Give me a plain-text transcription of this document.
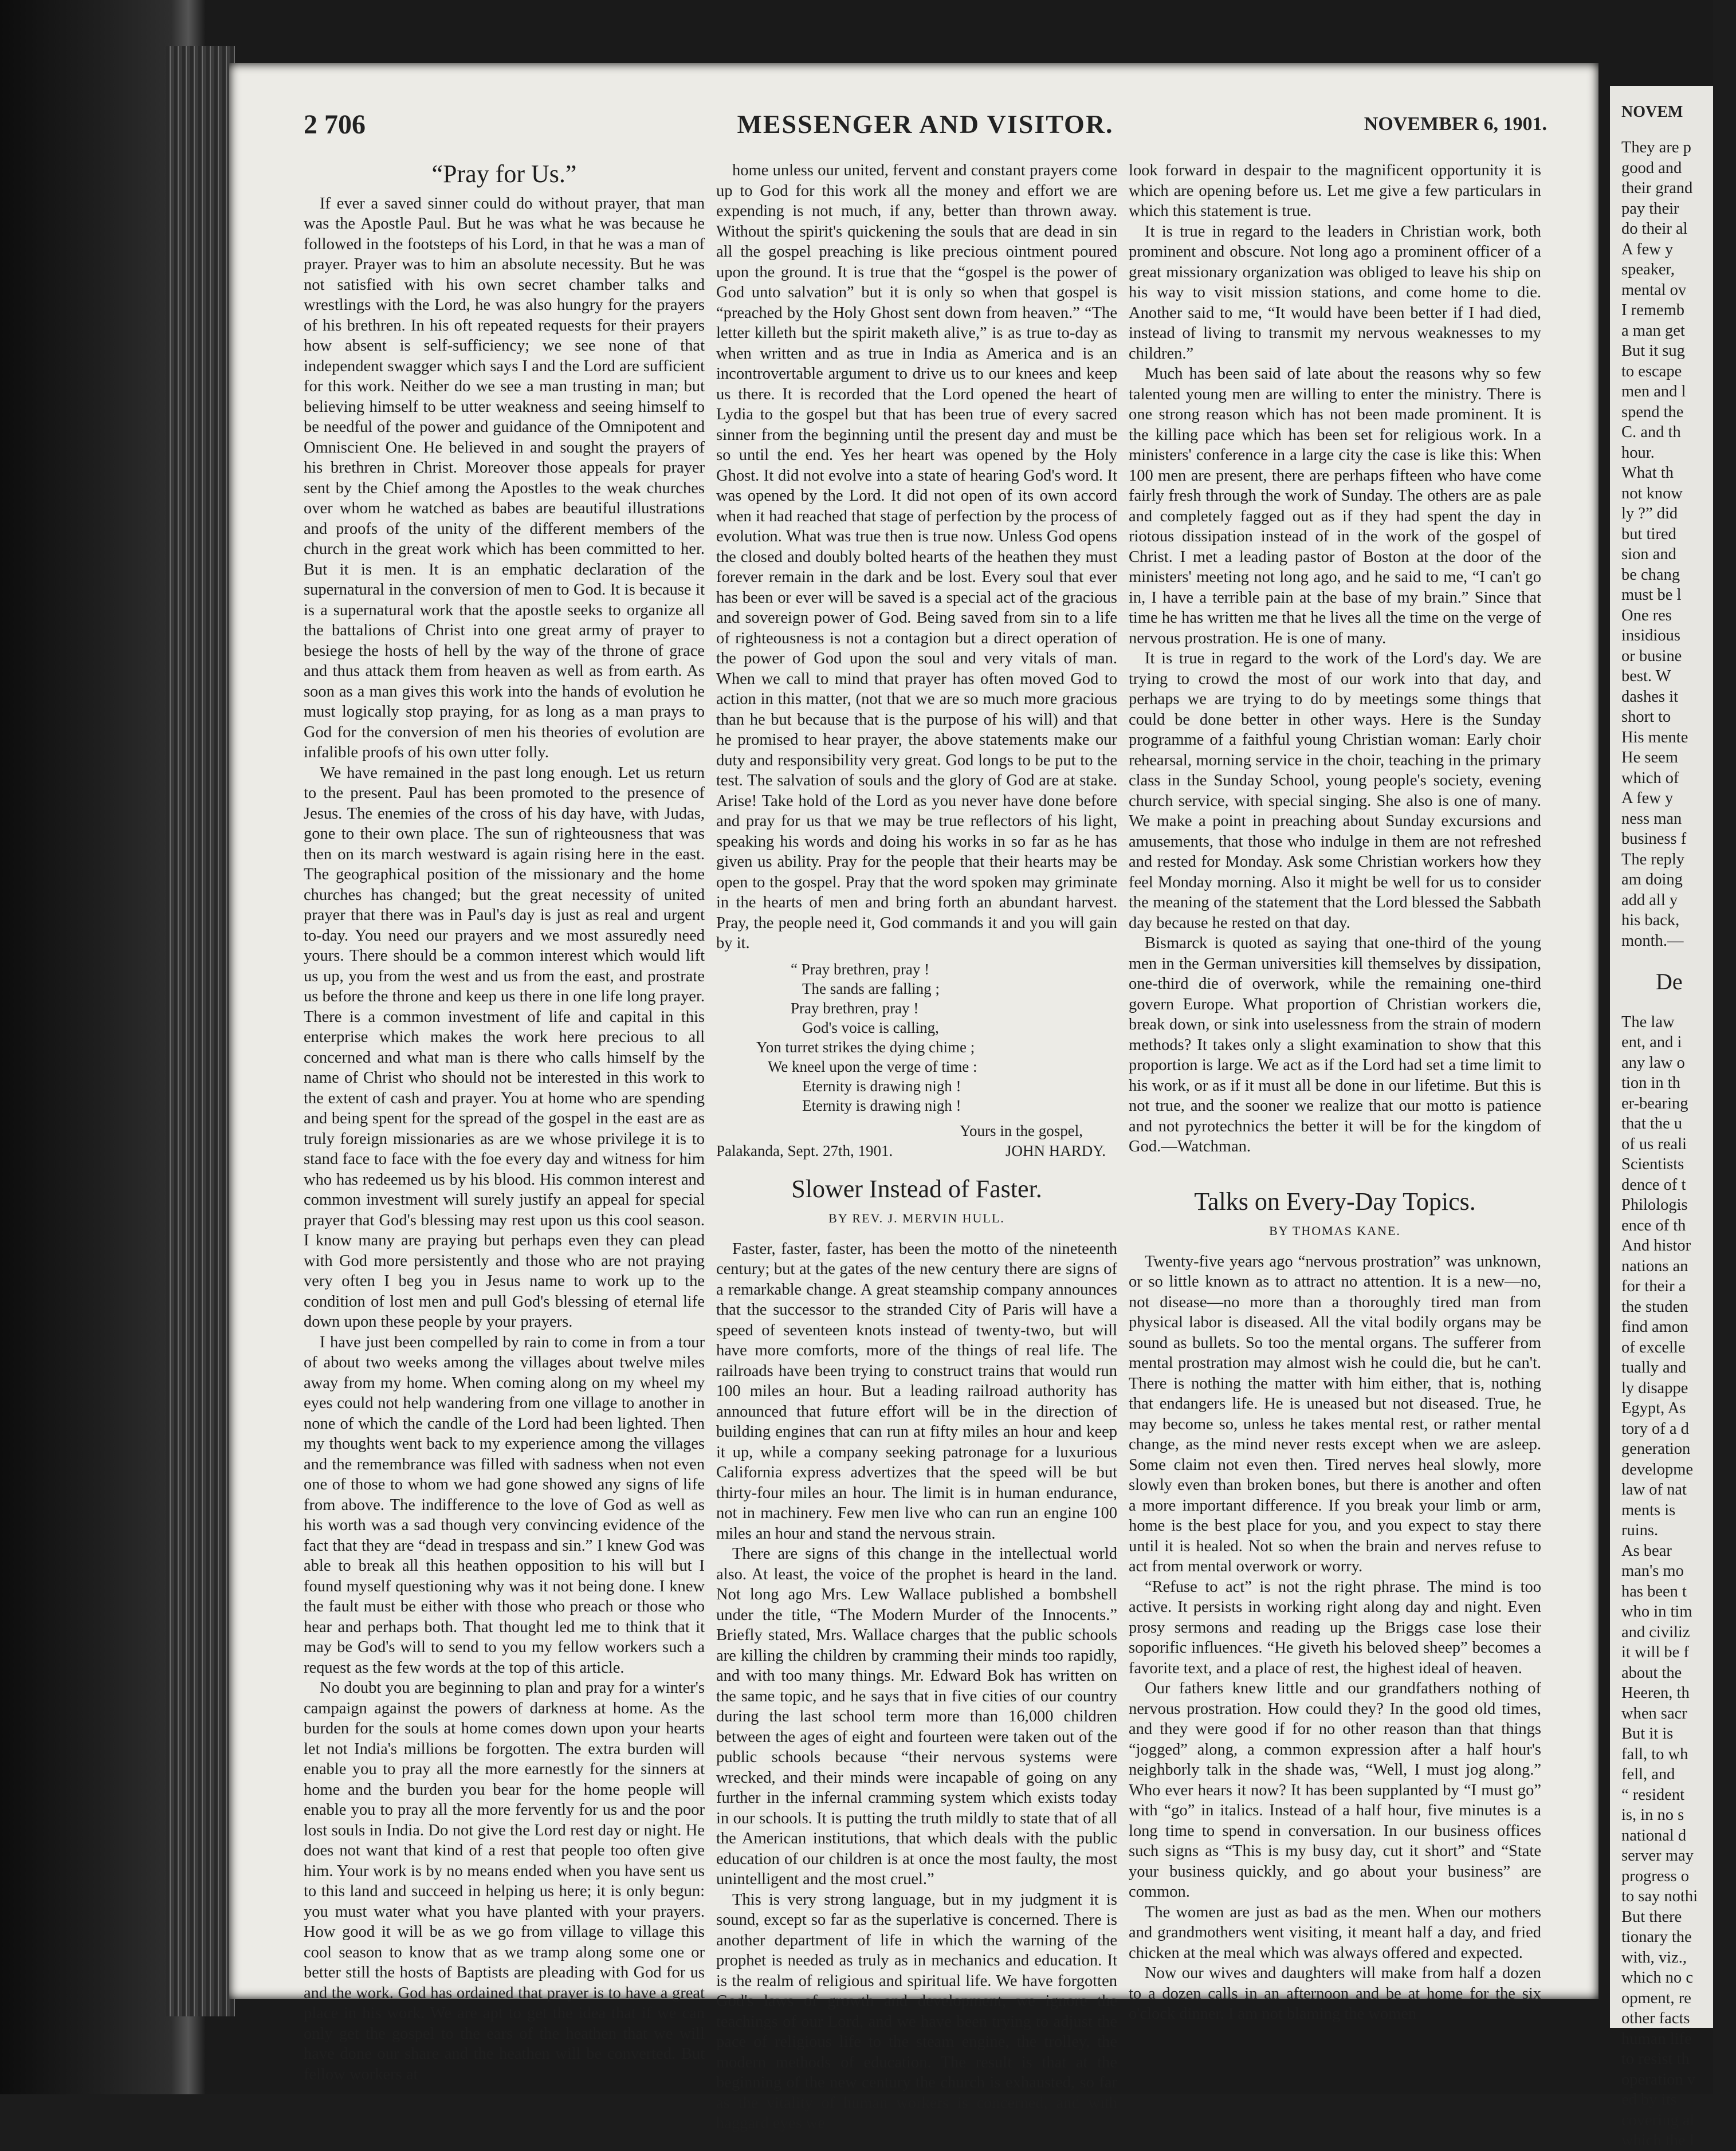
2 706	MESSENGER AND VISITOR.	NOVEMBER 6, 1901.
“Pray for Us.”

If ever a saved sinner could do without prayer, that man was the Apostle Paul. But he was what he was because he followed in the footsteps of his Lord, in that he was a man of prayer. Prayer was to him an absolute necessity. But he was not satisfied with his own secret chamber talks and wrestlings with the Lord, he was also hungry for the prayers of his brethren. In his oft repeated requests for their prayers how absent is self-sufficiency; we see none of that independent swagger which says I and the Lord are sufficient for this work. Neither do we see a man trusting in man; but believing himself to be utter weakness and seeing himself to be needful of the power and guidance of the Omnipotent and Omniscient One. He believed in and sought the prayers of his brethren in Christ. Moreover those appeals for prayer sent by the Chief among the Apostles to the weak churches over whom he watched as babes are beautiful illustrations and proofs of the unity of the different members of the church in the great work which has been committed to her. But it is men. It is an emphatic declaration of the supernatural in the conversion of men to God. It is because it is a supernatural work that the apostle seeks to organize all the battalions of Christ into one great army of prayer to besiege the hosts of hell by the way of the throne of grace and thus attack them from heaven as well as from earth. As soon as a man gives this work into the hands of evolution he must logically stop praying, for as long as a man prays to God for the conversion of men his theories of evolution are infalible proofs of his own utter folly.

We have remained in the past long enough. Let us return to the present. Paul has been promoted to the presence of Jesus. The enemies of the cross of his day have, with Judas, gone to their own place. The sun of righteousness that was then on its march westward is again rising here in the east. The geographical position of the missionary and the home churches has changed; but the great necessity of united prayer that there was in Paul's day is just as real and urgent to-day. You need our prayers and we most assuredly need yours. There should be a common interest which would lift us up, you from the west and us from the east, and prostrate us before the throne and keep us there in one life long prayer. There is a common investment of life and capital in this enterprise which makes the work here precious to all concerned and what man is there who calls himself by the name of Christ who should not be interested in this work to the extent of cash and prayer. You at home who are spending and being spent for the spread of the gospel in the east are as truly foreign missionaries as are we whose privilege it is to stand face to face with the foe every day and witness for him who has redeemed us by his blood. His common interest and common investment will surely justify an appeal for special prayer that God's blessing may rest upon us this cool season. I know many are praying but perhaps even they can plead with God more persistently and those who are not praying very often I beg you in Jesus name to work up to the condition of lost men and pull God's blessing of eternal life down upon these people by your prayers.

I have just been compelled by rain to come in from a tour of about two weeks among the villages about twelve miles away from my home. When coming along on my wheel my eyes could not help wandering from one village to another in none of which the candle of the Lord had been lighted. Then my thoughts went back to my experience among the villages and the remembrance was filled with sadness when not even one of those to whom we had gone showed any signs of life from above. The indifference to the love of God as well as his worth was a sad though very convincing evidence of the fact that they are “dead in trespass and sin.” I knew God was able to break all this heathen opposition to his will but I found myself questioning why was it not being done. I knew the fault must be either with those who preach or those who hear and perhaps both. That thought led me to think that it may be God's will to send to you my fellow workers such a request as the few words at the top of this article.

No doubt you are beginning to plan and pray for a winter's campaign against the powers of darkness at home. As the burden for the souls at home comes down upon your hearts let not India's millions be forgotten. The extra burden will enable you to pray all the more earnestly for the sinners at home and the burden you bear for the home people will enable you to pray all the more fervently for us and the poor lost souls in India. Do not give the Lord rest day or night. He does not want that kind of a rest that people too often give him. Your work is by no means ended when you have sent us to this land and succeed in helping us here; it is only begun: you must water what you have planted with your prayers. How good it will be as we go from village to village this cool season to know that as we tramp along some one or better still the hosts of Baptists are pleading with God for us and the work. God has ordained that prayer is to have a great place in his work. We are apt to get the idea that if we can only get the gospel to the ears of the heathen that we will have done our share and the heathen will be converted. But fellow workers at

home unless our united, fervent and constant prayers come up to God for this work all the money and effort we are expending is not much, if any, better than thrown away. Without the spirit's quickening the souls that are dead in sin all the gospel preaching is like precious ointment poured upon the ground. It is true that the “gospel is the power of God unto salvation” but it is only so when that gospel is “preached by the Holy Ghost sent down from heaven.” “The letter killeth but the spirit maketh alive,” is as true to-day as when written and as true in India as America and is an incontrovertable argument to drive us to our knees and keep us there. It is recorded that the Lord opened the heart of Lydia to the gospel but that has been true of every sacred sinner from the beginning until the present day and must be so until the end. Yes her heart was opened by the Holy Ghost. It did not evolve into a state of hearing God's word. It was opened by the Lord. It did not open of its own accord when it had reached that stage of perfection by the process of evolution. What was true then is true now. Unless God opens the closed and doubly bolted hearts of the heathen they must forever remain in the dark and be lost. Every soul that ever has been or ever will be saved is a special act of the gracious and sovereign power of God. Being saved from sin to a life of righteousness is not a contagion but a direct operation of the power of God upon the soul and very vitals of man. When we call to mind that prayer has often moved God to action in this matter, (not that we are so much more gracious than he but because that is the purpose of his will) and that he promised to hear prayer, the above statements make our duty and responsibility very great. God longs to be put to the test. The salvation of souls and the glory of God are at stake. Arise! Take hold of the Lord as you never have done before and pray for us that we may be true reflectors of his light, speaking his words and doing his works in so far as he has given us ability. Pray for the people that their hearts may be open to the gospel. Pray that the word spoken may griminate in the hearts of men and bring forth an abundant harvest. Pray, the people need it, God commands it and you will gain by it.

“ Pray brethren, pray !
The sands are falling ;
Pray brethren, pray !
God's voice is calling,
Yon turret strikes the dying chime ;
We kneel upon the verge of time :
Eternity is drawing nigh !
Eternity is drawing nigh !
Yours in the gospel,
Palakanda, Sept. 27th, 1901.	JOHN HARDY.
Slower Instead of Faster.
BY REV. J. MERVIN HULL.

Faster, faster, faster, has been the motto of the nineteenth century; but at the gates of the new century there are signs of a remarkable change. A great steamship company announces that the successor to the stranded City of Paris will have a speed of seventeen knots instead of twenty-two, but will have more comforts, more of the things of real life. The railroads have been trying to construct trains that would run 100 miles an hour. But a leading railroad authority has announced that future effort will be in the direction of building engines that can run at fifty miles an hour and keep it up, while a company seeking patronage for a luxurious California express advertizes that the speed will be but thirty-four miles an hour. The limit is in human endurance, not in machinery. Few men live who can run an engine 100 miles an hour and stand the nervous strain.

There are signs of this change in the intellectual world also. At least, the voice of the prophet is heard in the land. Not long ago Mrs. Lew Wallace published a bombshell under the title, “The Modern Murder of the Innocents.” Briefly stated, Mrs. Wallace charges that the public schools are killing the children by cramming their minds too rapidly, and with too many things. Mr. Edward Bok has written on the same topic, and he says that in five cities of our country during the last school term more than 16,000 children between the ages of eight and fourteen were taken out of the public schools because “their nervous systems were wrecked, and their minds were incapable of going on any further in the infernal cramming system which exists today in our schools. It is putting the truth mildly to state that of all the American institutions, that which deals with the public education of our children is at once the most faulty, the most unintelligent and the most cruel.”

This is very strong language, but in my judgment it is sound, except so far as the superlative is concerned. There is another department of life in which the warning of the prophet is needed as truly as in mechanics and education. It is the realm of religious and spiritual life. We have forgotten God's laws of growth and development, we ignore the teachings of our Lord, and we have been trying to adjust the pace of religious life to the steam engine, the trolley, the modern methods of education. The result is that at the beginning of the new century the church is exhausted, so far as the vitality of human workers is concerned, and with haggard eyes we

look forward in despair to the magnificent opportunity it is which are opening before us. Let me give a few particulars in which this statement is true.

It is true in regard to the leaders in Christian work, both prominent and obscure. Not long ago a prominent officer of a great missionary organization was obliged to leave his ship on his way to visit mission stations, and come home to die. Another said to me, “It would have been better if I had died, instead of living to transmit my nervous weaknesses to my children.”

Much has been said of late about the reasons why so few talented young men are willing to enter the ministry. There is one strong reason which has not been made prominent. It is the killing pace which has been set for religious work. In a ministers' conference in a large city the case is like this: When 100 men are present, there are perhaps fifteen who have come fairly fresh through the work of Sunday. The others are as pale and completely fagged out as if they had spent the day in riotous dissipation instead of in the work of the gospel of Christ. I met a leading pastor of Boston at the door of the ministers' meeting not long ago, and he said to me, “I can't go in, I have a terrible pain at the base of my brain.” Since that time he has written me that he lives all the time on the verge of nervous prostration. He is one of many.

It is true in regard to the work of the Lord's day. We are trying to crowd the most of our work into that day, and perhaps we are trying to do by meetings some things that could be done better in other ways. Here is the Sunday programme of a faithful young Christian woman: Early choir rehearsal, morning service in the choir, teaching in the primary class in the Sunday School, young people's society, evening church service, with special singing. She also is one of many. We make a point in preaching about Sunday excursions and amusements, that those who indulge in them are not refreshed and rested for Monday. Ask some Christian workers how they feel Monday morning. Also it might be well for us to consider the meaning of the statement that the Lord blessed the Sabbath day because he rested on that day.

Bismarck is quoted as saying that one-third of the young men in the German universities kill themselves by dissipation, one-third die of overwork, while the remaining one-third govern Europe. What proportion of Christian workers die, break down, or sink into uselessness from the strain of modern methods? It takes only a slight examination to show that this proportion is large. We act as if the Lord had set a time limit to his work, or as if it must all be done in our lifetime. But this is not true, and the sooner we realize that our motto is patience and not pyrotechnics the better it will be for the kingdom of God.—Watchman.

Talks on Every-Day Topics.
BY THOMAS KANE.

Twenty-five years ago “nervous prostration” was unknown, or so little known as to attract no attention. It is a new—no, not disease—no more than a thoroughly tired man from physical labor is diseased. All the vital bodily organs may be sound as bullets. So too the mental organs. The sufferer from mental prostration may almost wish he could die, but he can't. There is nothing the matter with him either, that is, nothing that endangers life. He is uneased but not diseased. True, he may become so, unless he takes mental rest, or rather mental change, as the mind never rests except when we are asleep. Some claim not even then. Tired nerves heal slowly, more slowly even than broken bones, but there is another and often a more important difference. If you break your limb or arm, home is the best place for you, and you expect to stay there until it is healed. Not so when the brain and nerves refuse to act from mental overwork or worry.

“Refuse to act” is not the right phrase. The mind is too active. It persists in working right along day and night. Even prosy sermons and reading up the Briggs case lose their soporific influences. “He giveth his beloved sheep” becomes a favorite text, and a place of rest, the highest ideal of heaven.

Our fathers knew little and our grandfathers nothing of nervous prostration. How could they? In the good old times, and they were good if for no other reason than that things “jogged” along, a common expression after a half hour's neighborly talk in the shade was, “Well, I must jog along.” Who ever hears it now? It has been supplanted by “I must go” with “go” in italics. Instead of a half hour, five minutes is a long time to spend in conversation. In our business offices such signs as “This is my busy day, cut it short” and “State your business quickly, and go about your business” are common.

The women are just as bad as the men. When our mothers and grandmothers went visiting, it meant half a day, and fried chicken at the meal which was always offered and expected.

Now our wives and daughters will make from half a dozen to a dozen calls in an afternoon and be at home for the six o'clock dinner. I am not blaming the women

NOVEM
They are p
good and
their grand
pay their
do their al
A few y
speaker,
mental ov
I rememb
a man get
But it sug
to escape
men and l
spend the
C. and th
hour.
What th
not know
ly ?” did
but tired
sion and
be chang
must be l
One res
insidious
or busine
best. W
dashes it
short to
His mente
He seem
which of
A few y
ness man
business f
The reply
am doing
add all y
his back,
month.—

De

The law
ent, and i
any law o
tion in th
er-bearing
that the u
of us reali
Scientists
dence of t
Philologis
ence of th
And histor
nations an
for their a
the studen
find amon
of excelle
tually and
ly disappe
Egypt, As
tory of a d
generation
developme
law of nat
ments is
ruins.
As bear
man's mo
has been t
who in tim
and civiliz
it will be f
about the
Heeren, th
when sacr
But it is
fall, to wh
fell, and
“ resident
is, in no s
national d
server may
progress o
to say nothi
But there
tionary the
with, viz.,
which no c
opment, re
other facts
human life
to resist th
operation v
ed by its
covering al
which the l
